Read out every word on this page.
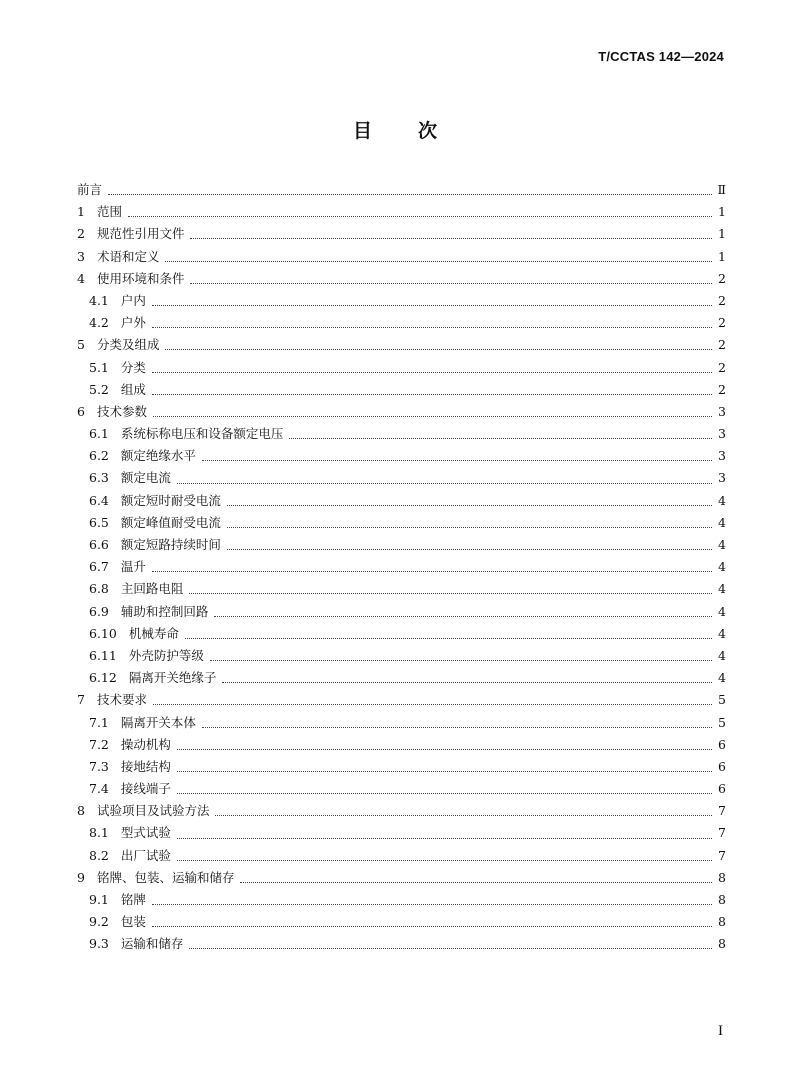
T/CCTAS 142—2024
目次
前言	Ⅱ
1 范围	1
2 规范性引用文件	1
3 术语和定义	1
4 使用环境和条件	2
4.1 户内	2
4.2 户外	2
5 分类及组成	2
5.1 分类	2
5.2 组成	2
6 技术参数	3
6.1 系统标称电压和设备额定电压	3
6.2 额定绝缘水平	3
6.3 额定电流	3
6.4 额定短时耐受电流	4
6.5 额定峰值耐受电流	4
6.6 额定短路持续时间	4
6.7 温升	4
6.8 主回路电阻	4
6.9 辅助和控制回路	4
6.10 机械寿命	4
6.11 外壳防护等级	4
6.12 隔离开关绝缘子	4
7 技术要求	5
7.1 隔离开关本体	5
7.2 操动机构	6
7.3 接地结构	6
7.4 接线端子	6
8 试验项目及试验方法	7
8.1 型式试验	7
8.2 出厂试验	7
9 铭牌、包装、运输和储存	8
9.1 铭牌	8
9.2 包装	8
9.3 运输和储存	8
I
